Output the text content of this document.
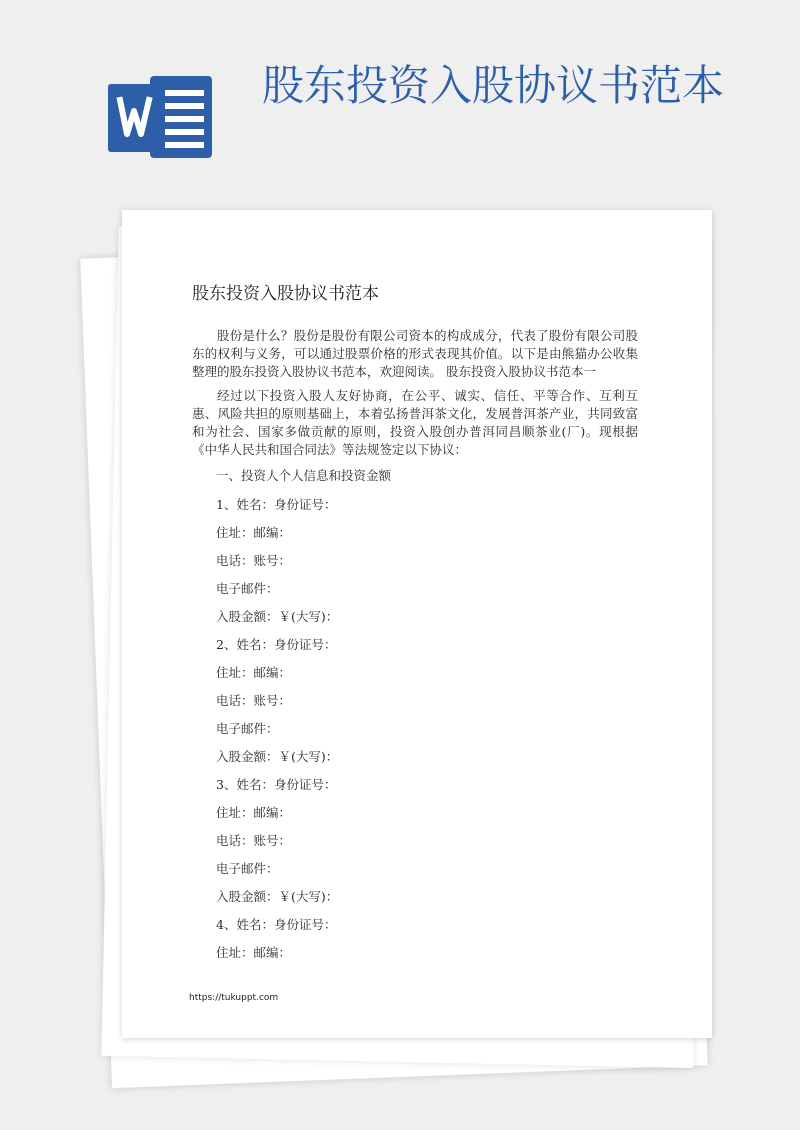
股东投资入股协议书范本
股东投资入股协议书范本

股份是什么？股份是股份有限公司资本的构成成分，代表了股份有限公司股东的权利与义务，可以通过股票价格的形式表现其价值。以下是由熊猫办公收集整理的股东投资入股协议书范本，欢迎阅读。 股东投资入股协议书范本一

经过以下投资入股人友好协商，在公平、诚实、信任、平等合作、互利互惠、风险共担的原则基础上，本着弘扬普洱茶文化，发展普洱茶产业，共同致富和为社会、国家多做贡献的原则，投资入股创办普洱同昌顺茶业(厂)。现根据《中华人民共和国合同法》等法规签定以下协议：

一、投资人个人信息和投资金额
1、姓名：身份证号：
住址：邮编：
电话：账号：
电子邮件：
入股金额：￥(大写)：
2、姓名：身份证号：
住址：邮编：
电话：账号：
电子邮件：
入股金额：￥(大写)：
3、姓名：身份证号：
住址：邮编：
电话：账号：
电子邮件：
入股金额：￥(大写)：
4、姓名：身份证号：
住址：邮编：
https://tukuppt.com
